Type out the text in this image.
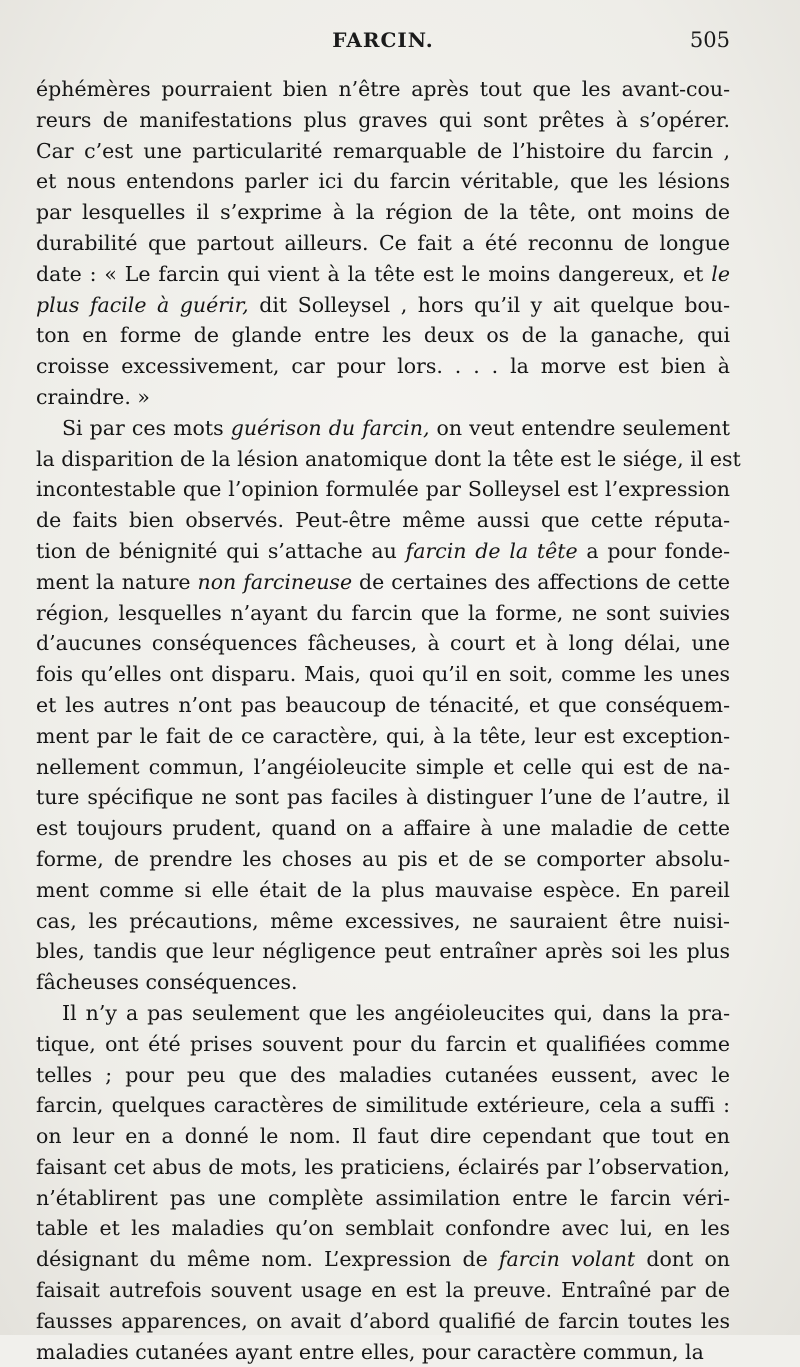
FARCIN.	505
éphémères pourraient bien n’être après tout que les avant-cou-
reurs de manifestations plus graves qui sont prêtes à s’opérer.
Car c’est une particularité remarquable de l’histoire du farcin ,
et nous entendons parler ici du farcin véritable, que les lésions
par lesquelles il s’exprime à la région de la tête, ont moins de
durabilité que partout ailleurs. Ce fait a été reconnu de longue
date : « Le farcin qui vient à la tête est le moins dangereux, et le
plus facile à guérir, dit Solleysel , hors qu’il y ait quelque bou-
ton en forme de glande entre les deux os de la ganache, qui
croisse excessivement, car pour lors. . . . la morve est bien à
craindre. »
Si par ces mots guérison du farcin, on veut entendre seulement
la disparition de la lésion anatomique dont la tête est le siége, il est
incontestable que l’opinion formulée par Solleysel est l’expression
de faits bien observés. Peut-être même aussi que cette réputa-
tion de bénignité qui s’attache au farcin de la tête a pour fonde-
ment la nature non farcineuse de certaines des affections de cette
région, lesquelles n’ayant du farcin que la forme, ne sont suivies
d’aucunes conséquences fâcheuses, à court et à long délai, une
fois qu’elles ont disparu. Mais, quoi qu’il en soit, comme les unes
et les autres n’ont pas beaucoup de ténacité, et que conséquem-
ment par le fait de ce caractère, qui, à la tête, leur est exception-
nellement commun, l’angéioleucite simple et celle qui est de na-
ture spécifique ne sont pas faciles à distinguer l’une de l’autre, il
est toujours prudent, quand on a affaire à une maladie de cette
forme, de prendre les choses au pis et de se comporter absolu-
ment comme si elle était de la plus mauvaise espèce. En pareil
cas, les précautions, même excessives, ne sauraient être nuisi-
bles, tandis que leur négligence peut entraîner après soi les plus
fâcheuses conséquences.
Il n’y a pas seulement que les angéioleucites qui, dans la pra-
tique, ont été prises souvent pour du farcin et qualifiées comme
telles ; pour peu que des maladies cutanées eussent, avec le
farcin, quelques caractères de similitude extérieure, cela a suffi :
on leur en a donné le nom. Il faut dire cependant que tout en
faisant cet abus de mots, les praticiens, éclairés par l’observation,
n’établirent pas une complète assimilation entre le farcin véri-
table et les maladies qu’on semblait confondre avec lui, en les
désignant du même nom. L’expression de farcin volant dont on
faisait autrefois souvent usage en est la preuve. Entraîné par de
fausses apparences, on avait d’abord qualifié de farcin toutes les
maladies cutanées ayant entre elles, pour caractère commun, la
